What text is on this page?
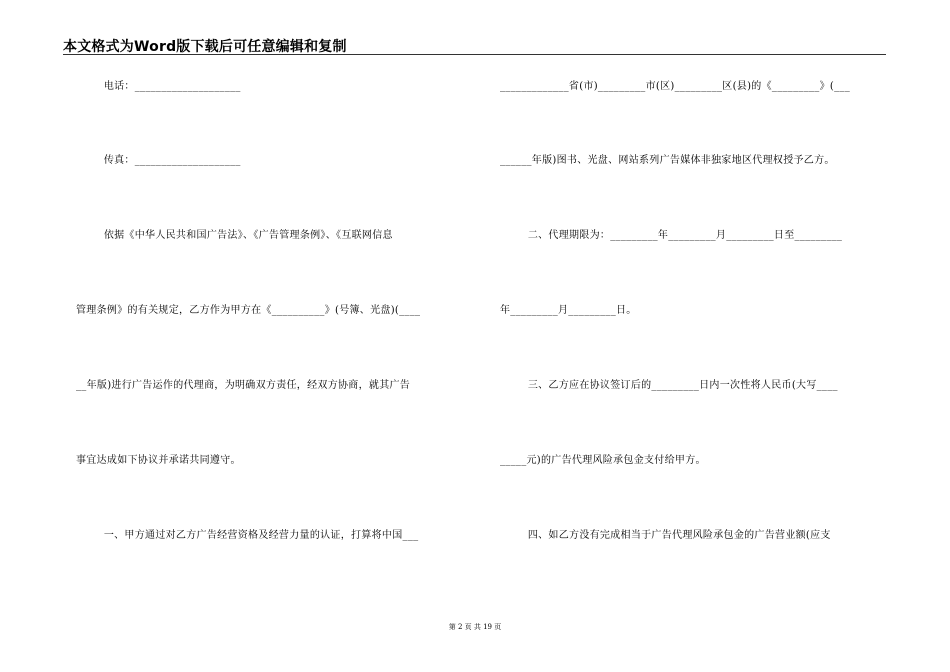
本文格式为Word版下载后可任意编辑和复制
电话：____________________
传真：____________________
依据《中华人民共和国广告法》、《广告管理条例》、《互联网信息
管理条例》的有关规定，乙方作为甲方在《__________》(号簿、光盘)(____
__年版)进行广告运作的代理商，为明确双方责任，经双方协商，就其广告
事宜达成如下协议并承诺共同遵守。
一、甲方通过对乙方广告经营资格及经营力量的认证，打算将中国___
_____________省(市)_________市(区)_________区(县)的《_________》(___
______年版)图书、光盘、网站系列广告媒体非独家地区代理权授予乙方。
二、代理期限为：_________年_________月_________日至_________
年_________月_________日。
三、乙方应在协议签订后的_________日内一次性将人民币(大写____
_____元)的广告代理风险承包金支付给甲方。
四、如乙方没有完成相当于广告代理风险承包金的广告营业额(应支
第 2 页 共 19 页
